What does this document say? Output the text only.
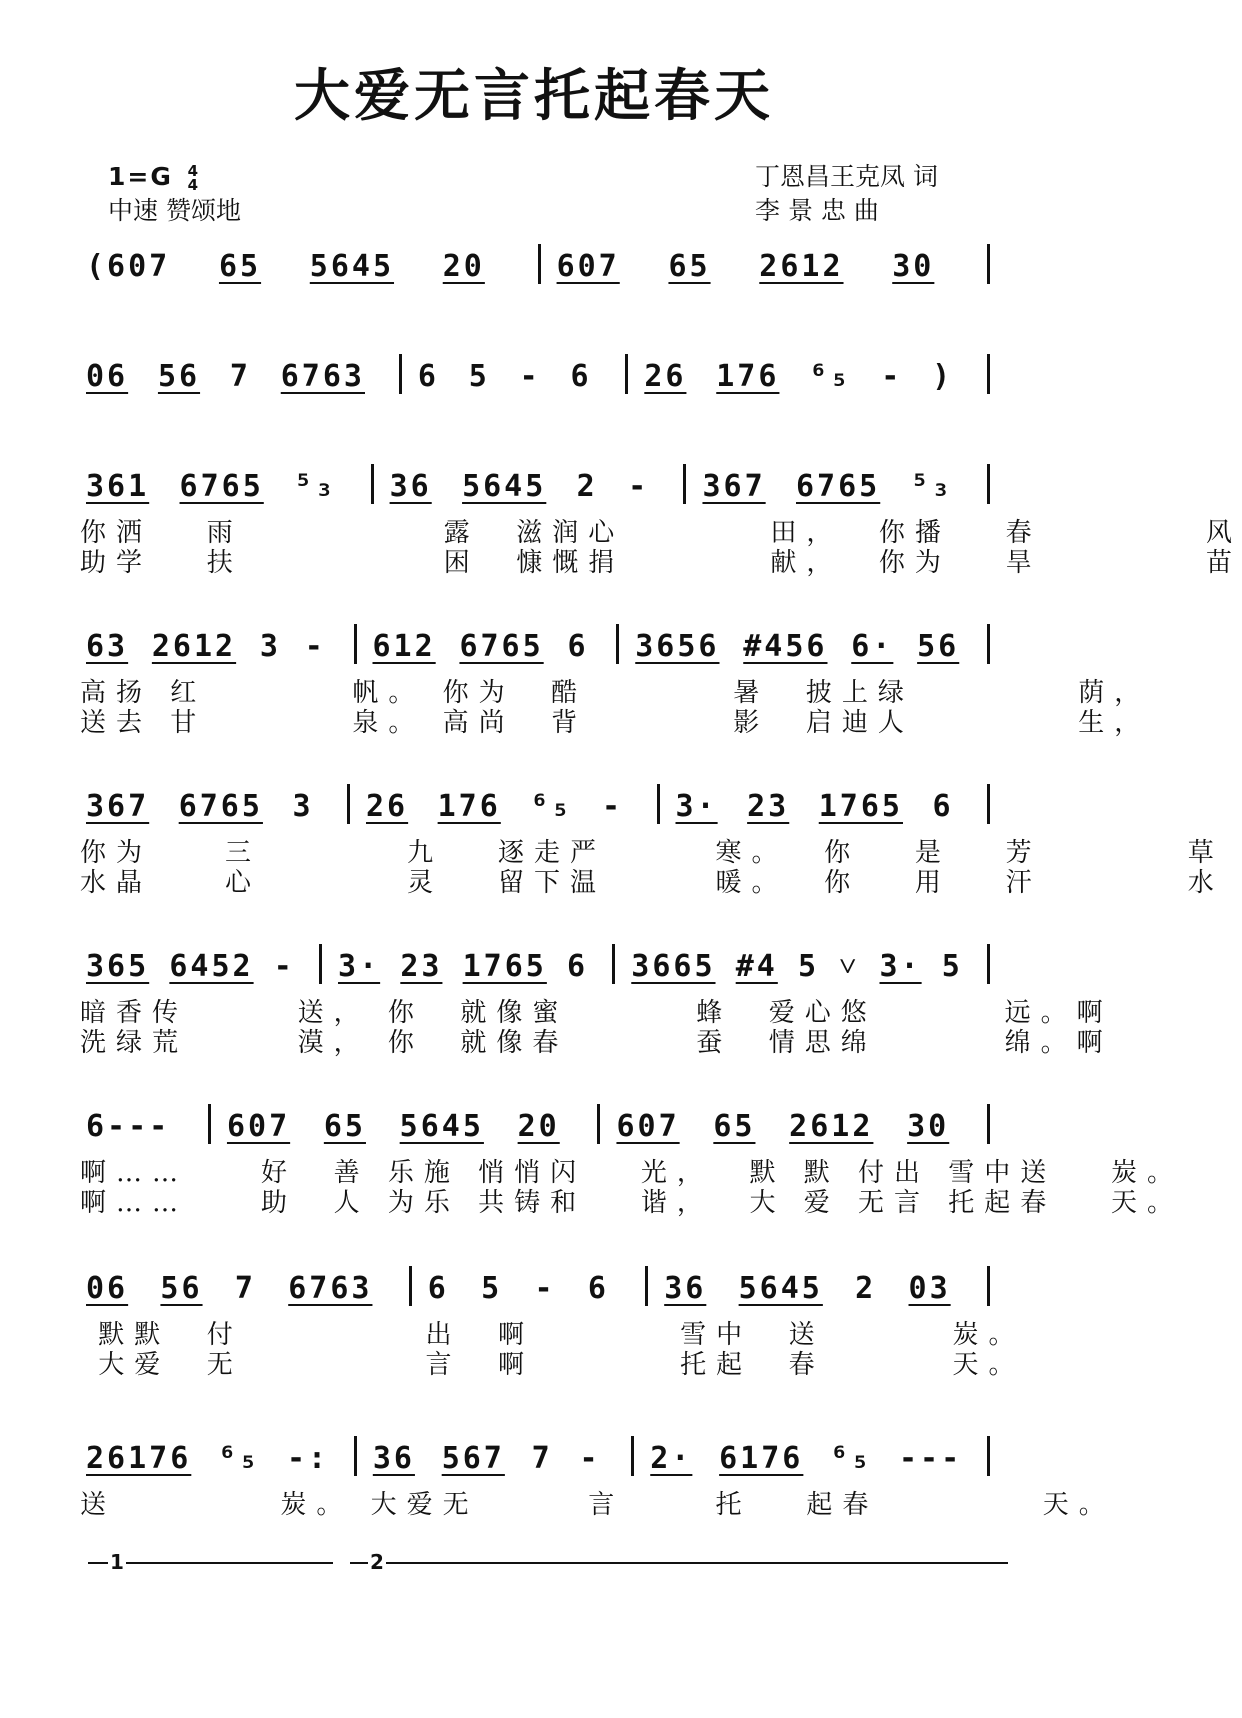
大爱无言托起春天
1=G 4
4
中速 赞颂地
丁恩昌王克凤 词
李 景 忠 曲
(607	65	5645	20	607	65	2612	30
06 56 7 6763	6 5 - 6	26 176 ⁶₅ - )
361	6765	⁵₃	36	5645	2	-	367	6765	⁵₃
你洒   雨           露  滋润心        田，  你播   春         风
助学   扶           困  慷慨捐        献，  你为   旱         苗
63 2612 3 -	612 6765 6	3656 #456 6· 56
高扬 红        帆。 你为  酷        暑  披上绿         荫，
送去 甘        泉。 高尚  背        影  启迪人         生，
367 6765 3	26 176 ⁶₅ -	3· 23 1765 6
你为    三        九   逐走严      寒。  你   是   芳        草
水晶    心        灵   留下温      暖。  你   用   汗        水
365 6452 -	3· 23 1765 6	3665 #4 5 ˅ 3· 5
暗香传      送， 你  就像蜜       蜂  爱心悠       远。啊
洗绿荒      漠， 你  就像春       蚕  情思绵       绵。啊
6---	607	65	5645	20	607	65	2612	30
啊……    好  善 乐施 悄悄闪   光，  默 默 付出 雪中送   炭。
啊……    助  人 为乐 共铸和   谐，  大 爱 无言 托起春   天。
06	56	7	6763	6	5	-	6	36	5645	2	03
默默  付          出  啊        雪中  送       炭。
大爱  无          言  啊        托起  春       天。
26176 ⁶₅ -:	36 567 7 -	2· 6176 ⁶₅ ---
送         炭。 大爱无      言     托   起春         天。
1	2
